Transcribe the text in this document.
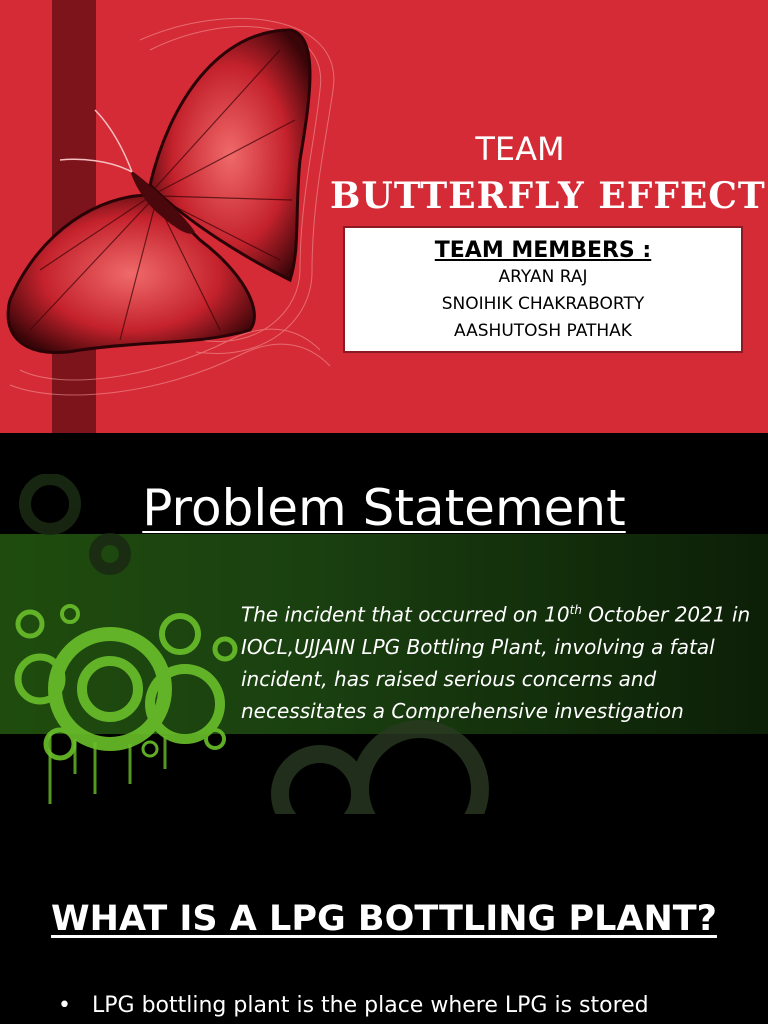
TEAM
BUTTERFLY EFFECT
TEAM MEMBERS :
ARYAN RAJ
SNOIHIK CHAKRABORTY
AASHUTOSH PATHAK
Problem Statement
The incident that occurred on 10th October 2021 in IOCL,UJJAIN LPG Bottling Plant, involving a fatal incident, has raised serious concerns and necessitates a Comprehensive investigation
WHAT IS A LPG BOTTLING PLANT?
• LPG bottling plant is the place where LPG is stored
